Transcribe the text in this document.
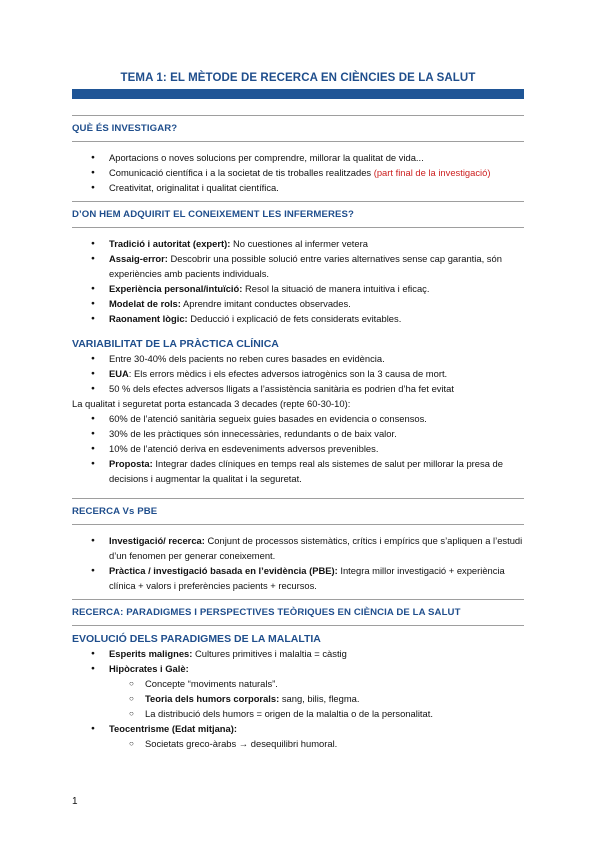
TEMA 1: EL MÈTODE DE RECERCA EN CIÈNCIES DE LA SALUT
QUÈ ÉS INVESTIGAR?
● Aportacions o noves solucions per comprendre, millorar la qualitat de vida...
● Comunicació científica i a la societat de tis troballes realitzades (part final de la investigació)
● Creativitat, originalitat i qualitat científica.
D’ON HEM ADQUIRIT EL CONEIXEMENT LES INFERMERES?
● Tradició i autoritat (expert): No cuestiones al infermer vetera
● Assaig-error: Descobrir una possible solució entre varies alternatives sense cap garantia, són experiències amb pacients individuals.
● Experiència personal/intuïció: Resol la situació de manera intuitiva i eficaç.
● Modelat de rols: Aprendre imitant conductes observades.
● Raonament lògic: Deducció i explicació de fets considerats evitables.
VARIABILITAT DE LA PRÀCTICA CLÍNICA
● Entre 30-40% dels pacients no reben cures basades en evidència.
● EUA: Els errors mèdics i els efectes adversos iatrogènics son la 3 causa de mort.
● 50 % dels efectes adversos lligats a l’assistència sanitària es podrien d’ha fet evitat

La qualitat i seguretat porta estancada 3 decades (repte 60-30-10):

● 60% de l’atenció sanitària segueix guies basades en evidencia o consensos.
● 30% de les pràctiques són innecessàries, redundants o de baix valor.
● 10% de l’atenció deriva en esdeveniments adversos prevenibles.
● Proposta: Integrar dades clíniques en temps real als sistemes de salut per millorar la presa de decisions i augmentar la qualitat i la seguretat.
RECERCA Vs PBE
● Investigació/ recerca: Conjunt de processos sistemàtics, crítics i empírics que s’apliquen a l’estudi d’un fenomen per generar coneixement.
● Pràctica / investigació basada en l’evidència (PBE): Integra millor investigació + experiència clínica + valors i preferències pacients + recursos.
RECERCA: PARADIGMES I PERSPECTIVES TEÒRIQUES EN CIÈNCIA DE LA SALUT
EVOLUCIÓ DELS PARADIGMES DE LA MALALTIA
● Esperits malignes: Cultures primitives i malaltia = càstig
● Hipòcrates i Galè:
○ Concepte “moviments naturals”.
○ Teoria dels humors corporals: sang, bilis, flegma.
○ La distribució dels humors = origen de la malaltia o de la personalitat.
● Teocentrisme (Edat mitjana):
○ Societats greco-àrabs → desequilibri humoral.
1
